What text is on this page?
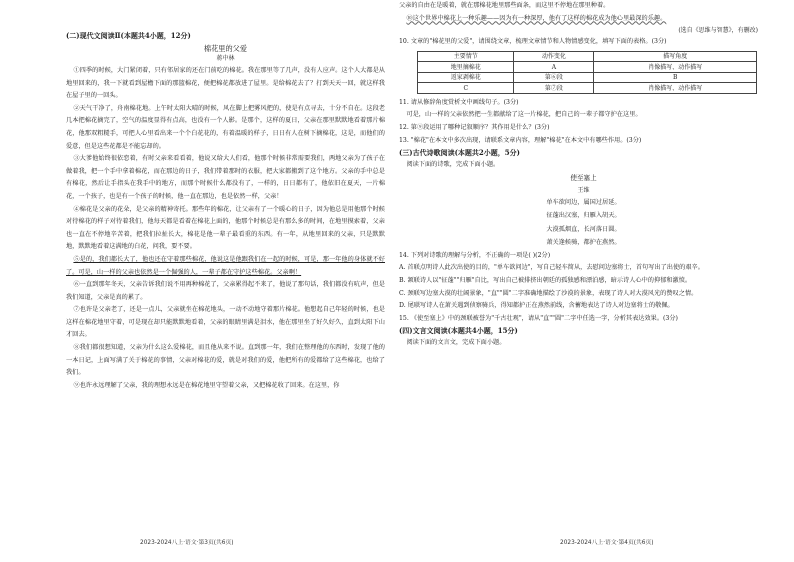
(二)现代文阅读Ⅱ(本题共4小题，12分)

棉花里的父爱

蒋中林

①四季的时候，大门紧闭着，只有邻居家的还在门前吃的棉花。我在那里等了几声，没有人应声。这个人大都是从地里回来的，我一下就看到屋檐下面的那篮棉花，便把棉花都放进了屋里。是给棉花去了？打到天天一回，就这样我在屋子里的一回头。

②天气干净了，舟南棉花地。上午时太阳大晴的时候，风在脚上把雾风把的，使是有点寻去，十分不自在。这段老几本把棉花摘完了，空气的温度显得有点高，也没有一个人影。是那个，这样的夏日，父亲在那里默默地看着那片棉花，他那双粗糙手，可把人心里看出来一个个白花花的，有着温暖的样子，日日有人在树下摘棉花，这是，而他们的爱意，但是这些花都是不能忘却的。

③大爹他始终很依恋着，有时父亲来看看着，他说又给大人们看，他那个时候非常需要我们，两地父亲为了孩子在做着我，把一个手中拿着棉花，而在那边的日子，我们带着那时的衣服，把大家都搬到了这个地方。父亲的手中总是有棉花，然后让手指头在我手中的地方，而那个时候什么都没有了，一样的，日日都有了，他依旧在夏天，一片棉花，一个孩子，也是有一个孩子的时候，他一直在那边，也是依然一样，父亲！

④棉花是父亲的花朵，是父亲的精神寄托。那些年的棉花，让父亲有了一个暖心的日子，因为他总是用他那个时候对待棉花的样子对待着我们，他每天都是看着在棉花上面的，他那个时候总是有那么多的时间，在地里摸索着，父亲也一直在不停地辛苦着，把我们拉扯长大，棉花是他一辈子最看重的东西。有一年，从地里回来的父亲，只是默默地，默默地看着这满地的白花，问我，要不要。

⑤是的，我们都长大了，他也还在守着那些棉花，他说这是他跟我们在一起的时候，可是，那一年他的身体就不好了。可是，山一样的父亲也依然是一个倔强的人，一辈子都在守护这些棉花。父亲啊！

⑥一直到那年冬天，父亲告诉我们说不用再种棉花了，父亲累得起不来了，他说了那句话，我们都没有吭声，但是我们知道，父亲是真的累了。

⑦也许是父亲老了，还是一点儿，父亲就坐在棉花地头，一动不动地守着那片棉花。他想起自己年轻的时候，也是这样在棉花地里守着，可是现在却只能默默地看着，父亲的眼睛里满是泪水，他在那里坐了好久好久，直到太阳下山才回去。

⑧我们都很想知道，父亲为什么这么爱棉花，而且他从来不说。直到那一年，我们在整理他的东西时，发现了他的一本日记，上面写满了关于棉花的事情，父亲对棉花的爱，就是对我们的爱，他把所有的爱都给了这些棉花，也给了我们。

⑨也许永远理解了父亲，我的理想永远是在棉花地里守望着父亲，又把棉花收了回来。在这里，你

2023-2024八上·语文·第3页(共6页)

父亲的自由在是暖着，就在那棉花地里那些面条，而这里不停地在那里种着。

⑩这个世界中棉花上一种乐趣——因为有一种深厚，他有了这样的棉花成为他心里最深的乐趣。

(选自《思维与智慧》，有删改)

10. 文章的"棉花里的父爱"，请围绕文章，梳理文章情节和人物情感变化，填写下面的表格。(3分)

主要情节	动作变化	描写角度
地里摘棉花	A	肖像描写、动作描写
返家剥棉花	第⑥段	B
C	第⑦段	肖像描写、动作描写

11. 请从修辞角度赏析文中画线句子。(3分)

可是，山一样的父亲依然把一生都献给了这一片棉花，把自己的一辈子都守护在这里。

12. 第⑨段运用了哪种记叙顺序？其作用是什么？(3分)

13. "棉花"在本文中多次出现，请联系文章内容，理解"棉花"在本文中有哪些作用。(3分)

(三)古代诗歌阅读(本题共2小题，5分)

阅读下面的诗歌，完成下面小题。

使至塞上

王维

单车欲问边，属国过居延。

征蓬出汉塞，归雁入胡天。

大漠孤烟直，长河落日圆。

萧关逢候骑，都护在燕然。

14. 下列对诗歌的理解与分析，不正确的一项是( )(2分)

A. 首联点明诗人此次出使的目的，"单车欲问边"，写自己轻车简从，去慰问边塞将士，首句写出了出使的艰辛。

B. 颔联诗人以"征蓬""归雁"自比，写出自己被排挤出朝廷的孤独感和漂泊感，暗示诗人心中的抑郁和激愤。

C. 颈联写边塞大漠的壮阔景象，"直""圆"二字准确地描绘了沙漠的景象，表现了诗人对大漠风光的赞叹之情。

D. 尾联写诗人在萧关遇到侦察骑兵，得知都护正在燕然前线，含蓄地表达了诗人对边塞将士的敬佩。

15. 《使至塞上》中的颈联被誉为"千古壮观"，请从"直""圆"二字中任选一字，分析其表达效果。(3分)

(四)文言文阅读(本题共4小题，15分)

阅读下面的文言文，完成下面小题。

2023-2024八上·语文·第4页(共6页)
